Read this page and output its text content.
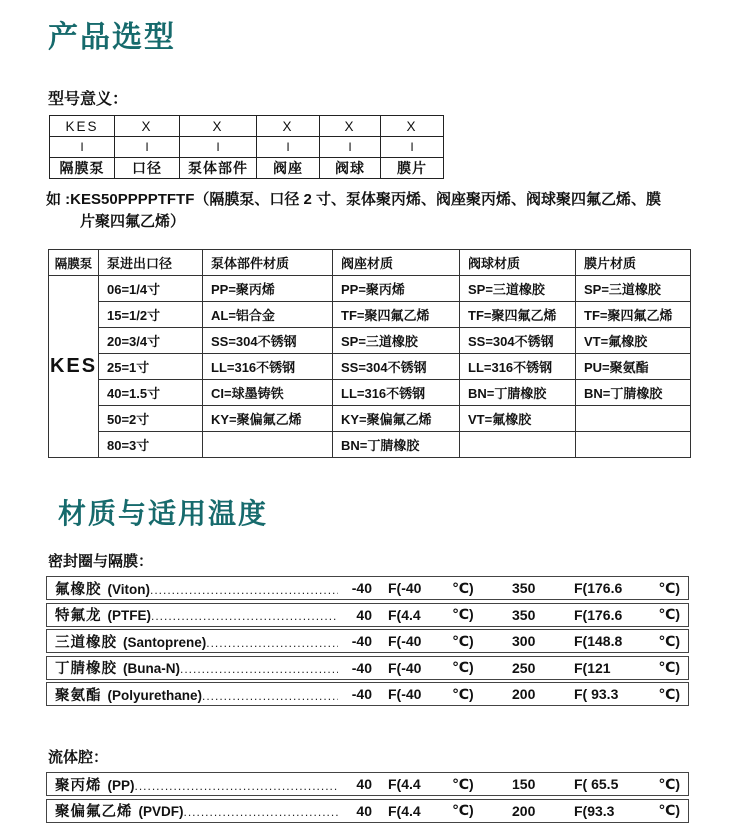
产品选型
型号意义：
KES	X	X	X	X	X
I	I	I	I	I	I
隔膜泵	口径	泵体部件	阀座	阀球	膜片
如 :KES50PPPPTFTF（隔膜泵、口径 2 寸、泵体聚丙烯、阀座聚丙烯、阀球聚四氟乙烯、膜
片聚四氟乙烯）
隔膜泵	泵进出口径	泵体部件材质	阀座材质	阀球材质	膜片材质
KES	06=1/4寸	PP=聚丙烯	PP=聚丙烯	SP=三道橡胶	SP=三道橡胶
	15=1/2寸	AL=铝合金	TF=聚四氟乙烯	TF=聚四氟乙烯	TF=聚四氟乙烯
	20=3/4寸	SS=304不锈钢	SP=三道橡胶	SS=304不锈钢	VT=氟橡胶
	25=1寸	LL=316不锈钢	SS=304不锈钢	LL=316不锈钢	PU=聚氨酯
	40=1.5寸	CI=球墨铸铁	LL=316不锈钢	BN=丁腈橡胶	BN=丁腈橡胶
	50=2寸	KY=聚偏氟乙烯	KY=聚偏氟乙烯	VT=氟橡胶	
	80=3寸		BN=丁腈橡胶		
材质与适用温度
密封圈与隔膜：
氟橡胶 (Viton) .....	-40	F(-40	℃)	350	F(176.6	℃)
特氟龙 (PTFE) .....	40	F(4.4	℃)	350	F(176.6	℃)
三道橡胶 (Santoprene) .....	-40	F(-40	℃)	300	F(148.8	℃)
丁腈橡胶 (Buna-N) .....	-40	F(-40	℃)	250	F(121	℃)
聚氨酯 (Polyurethane) .....	-40	F(-40	℃)	200	F( 93.3	℃)
流体腔：
聚丙烯 (PP) .....	40	F(4.4	℃)	150	F( 65.5	℃)
聚偏氟乙烯 (PVDF) .....	40	F(4.4	℃)	200	F(93.3	℃)
